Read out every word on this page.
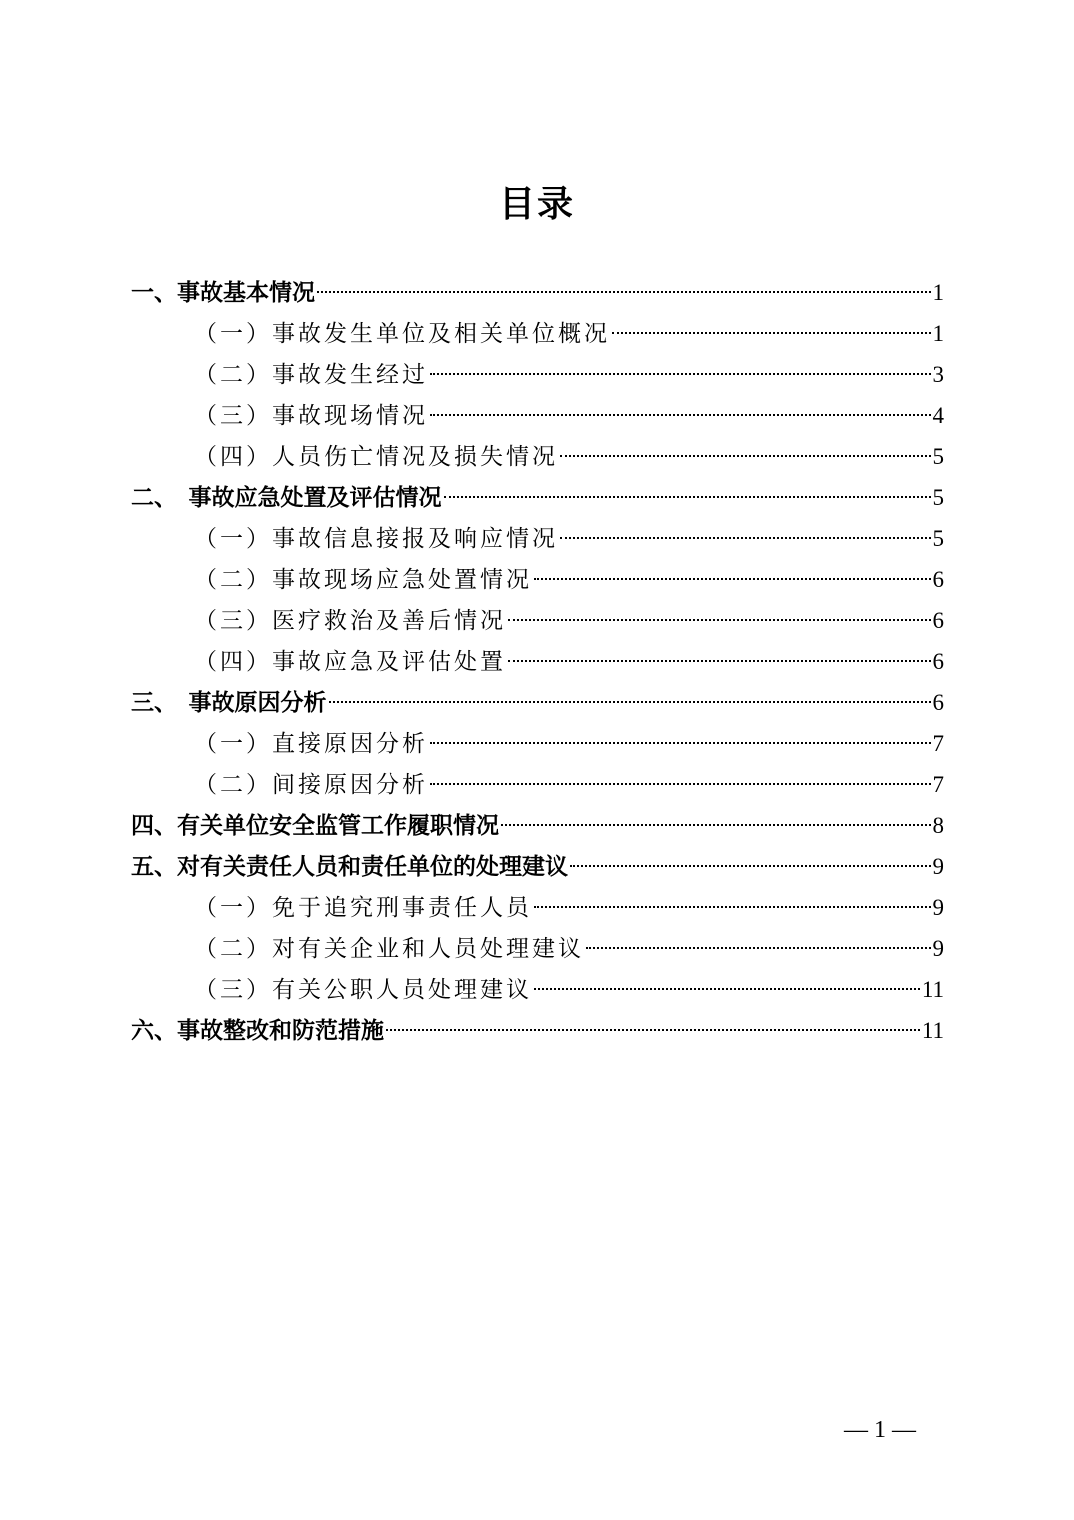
目录
一、事故基本情况	1
（一）事故发生单位及相关单位概况	1
（二）事故发生经过	3
（三）事故现场情况	4
（四）人员伤亡情况及损失情况	5
二、　事故应急处置及评估情况	5
（一）事故信息接报及响应情况	5
（二）事故现场应急处置情况	6
（三）医疗救治及善后情况	6
（四）事故应急及评估处置	6
三、　事故原因分析	6
（一）直接原因分析	7
（二）间接原因分析	7
四、有关单位安全监管工作履职情况	8
五、对有关责任人员和责任单位的处理建议	9
（一）免于追究刑事责任人员	9
（二）对有关企业和人员处理建议	9
（三）有关公职人员处理建议	11
六、事故整改和防范措施	11
— 1 —
